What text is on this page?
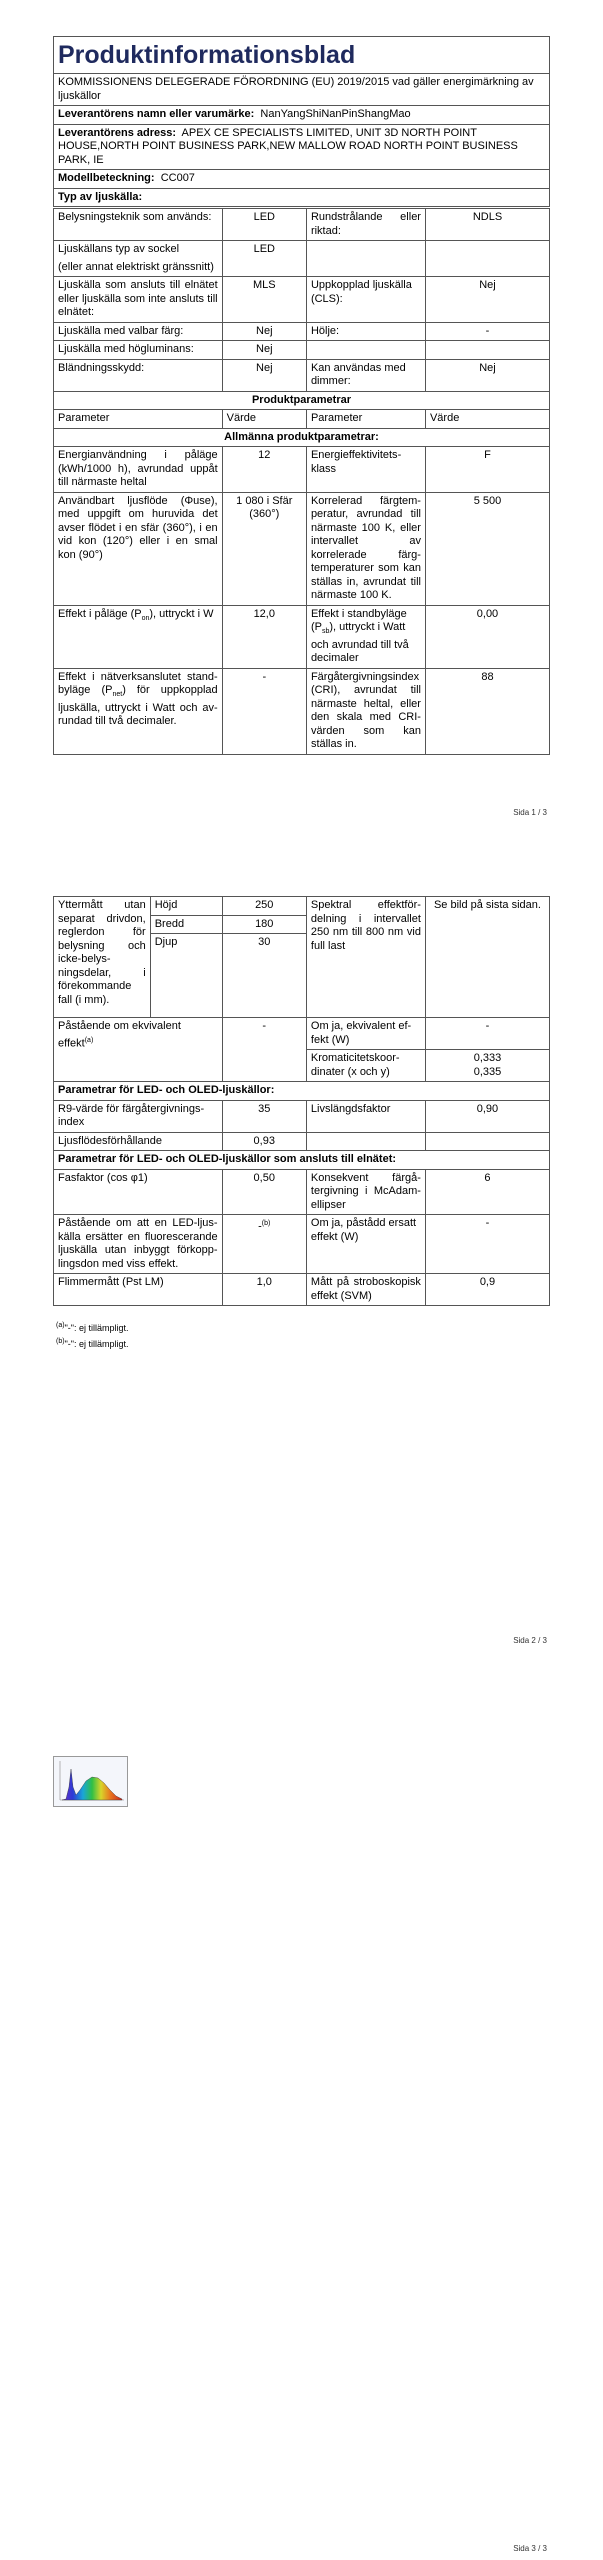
Produktinformationsblad
KOMMISSIONENS DELEGERADE FÖRORDNING (EU) 2019/2015 vad gäller energimärkning av ljuskällor
Leverantörens namn eller varumärke: NanYangShiNanPinShangMao
Leverantörens adress: APEX CE SPECIALISTS LIMITED, UNIT 3D NORTH POINT HOUSE,NORTH POINT BUSINESS PARK,NEW MALLOW ROAD NORTH POINT BUSINESS PARK, IE
Modellbeteckning: CC007
Typ av ljuskälla:
Belysningsteknik som används:	LED	Rundstrålande eller riktad:	NDLS

Ljuskällans typ av sockel
(eller annat elektriskt gränssnitt)	LED		
Ljuskälla som ansluts till elnätet eller ljuskälla som inte ansluts till elnätet:	MLS	Uppkopplad ljuskälla (CLS):	Nej
Ljuskälla med valbar färg:	Nej	Hölje:	-
Ljuskälla med högluminans:	Nej		
Bländningsskydd:	Nej	Kan användas med dimmer:	Nej
Produktparametrar			
Parameter	Värde	Parameter	Värde
Allmänna produktparametrar:			
Energianvändning i påläge (kWh/1000 h), avrundad uppåt till närmaste heltal	12	Energieffektivitetsklass	F
Användbart ljusflöde (Φuse), med uppgift om huruvida det avser flödet i en sfär (360°), i en vid kon (120°) eller i en smal kon (90°)	1 080 i Sfär (360°)	Korrelerad färgtemperatur, avrundad till närmaste 100 K, eller intervallet av korrelerade färgtemperaturer som kan ställas in, avrundat till närmaste 100 K.	5 500
Effekt i påläge $(P_{on})$, uttryckt i W	12,0	Effekt i standbyläge $(P_{sb})$, uttryckt i Watt och avrundad till två decimaler	0,00
Effekt i nätverksanslutet standbyläge $(P_{net})$ för uppkopplad ljuskälla, uttryckt i Watt och avrundad till två decimaler.	-	Färgåtergivningsindex (CRI), avrundat till närmaste heltal, eller den skala med CRI-värden som kan ställas in.	88
Sida 1 / 3
Yttermått utan separat drivdon, reglerdon för belysning och icke-belysningsdelar, i förekommande fall (i mm).	Höjd	250	Spektral effektfördelning i intervallet 250 nm till 800 nm vid full last	Se bild på sista sidan.
	Bredd	180		
	Djup	30		
Påstående om ekvivalent effekt$^{(a)}$		-	Om ja, ekvivalent effekt (W)	-
			Kromaticitetskoordinater (x och y)	0,333
0,335

Parametrar för LED- och OLED-ljuskällor:				
R9-värde för färgåtergivningsindex		35	Livslängdsfaktor	0,90
Ljusflödesförhållande		0,93		
Parametrar för LED- och OLED-ljuskällor som ansluts till elnätet:				
Fasfaktor (cos φ1)		0,50	Konsekvent färgåtergivning i McAdam-ellipser	6
Påstående om att en LED-ljuskälla ersätter en fluorescerande ljuskälla utan inbyggt förkopplingsdon med viss effekt.		-$^{(b)}$	Om ja, påstådd ersatt effekt (W)	-
Flimmermått (Pst LM)		1,0	Mått på stroboskopisk effekt (SVM)	0,9
$^{(a)}$"-": ej tillämpligt.
$^{(b)}$"-": ej tillämpligt.
Sida 2 / 3
Sida 3 / 3
